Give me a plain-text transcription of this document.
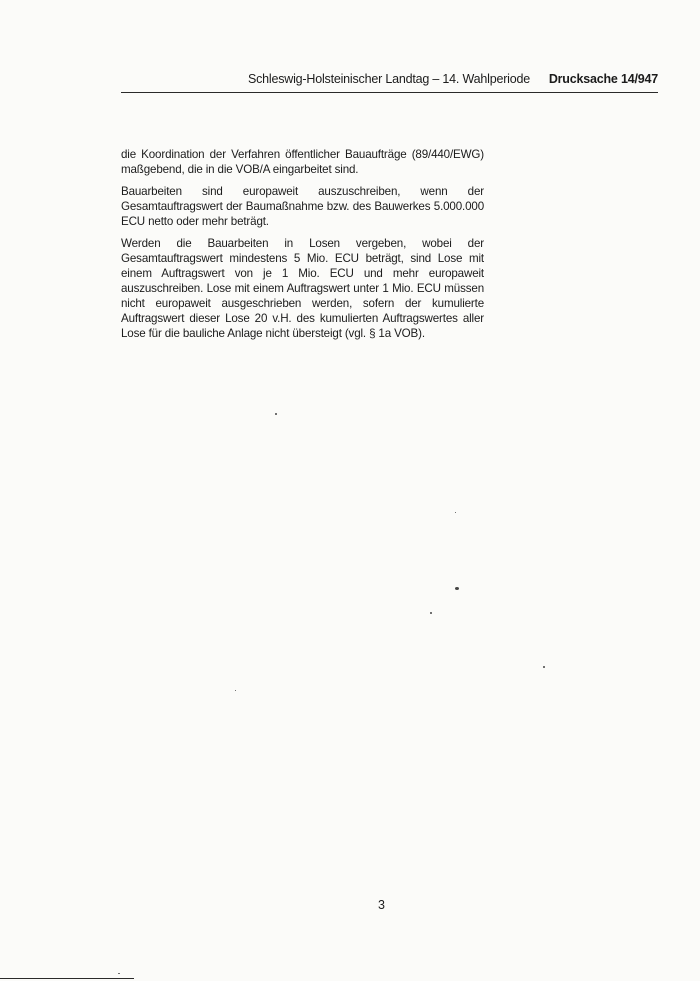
Schleswig-Holsteinischer Landtag – 14. Wahlperiode Drucksache 14/947

die Koordination der Verfahren öffentlicher Bauaufträge (89/440/EWG) maßgebend, die in die VOB/A eingarbeitet sind.

Bauarbeiten sind europaweit auszuschreiben, wenn der Gesamtauftragswert der Baumaßnahme bzw. des Bauwerkes 5.000.000 ECU netto oder mehr beträgt.

Werden die Bauarbeiten in Losen vergeben, wobei der Gesamtauftragswert mindestens 5 Mio. ECU beträgt, sind Lose mit einem Auftragswert von je 1 Mio. ECU und mehr europaweit auszuschreiben. Lose mit einem Auftragswert unter 1 Mio. ECU müssen nicht europaweit ausgeschrieben werden, sofern der kumulierte Auftragswert dieser Lose 20 v.H. des kumulierten Auftragswertes aller Lose für die bauliche Anlage nicht übersteigt (vgl. § 1a VOB).

3
